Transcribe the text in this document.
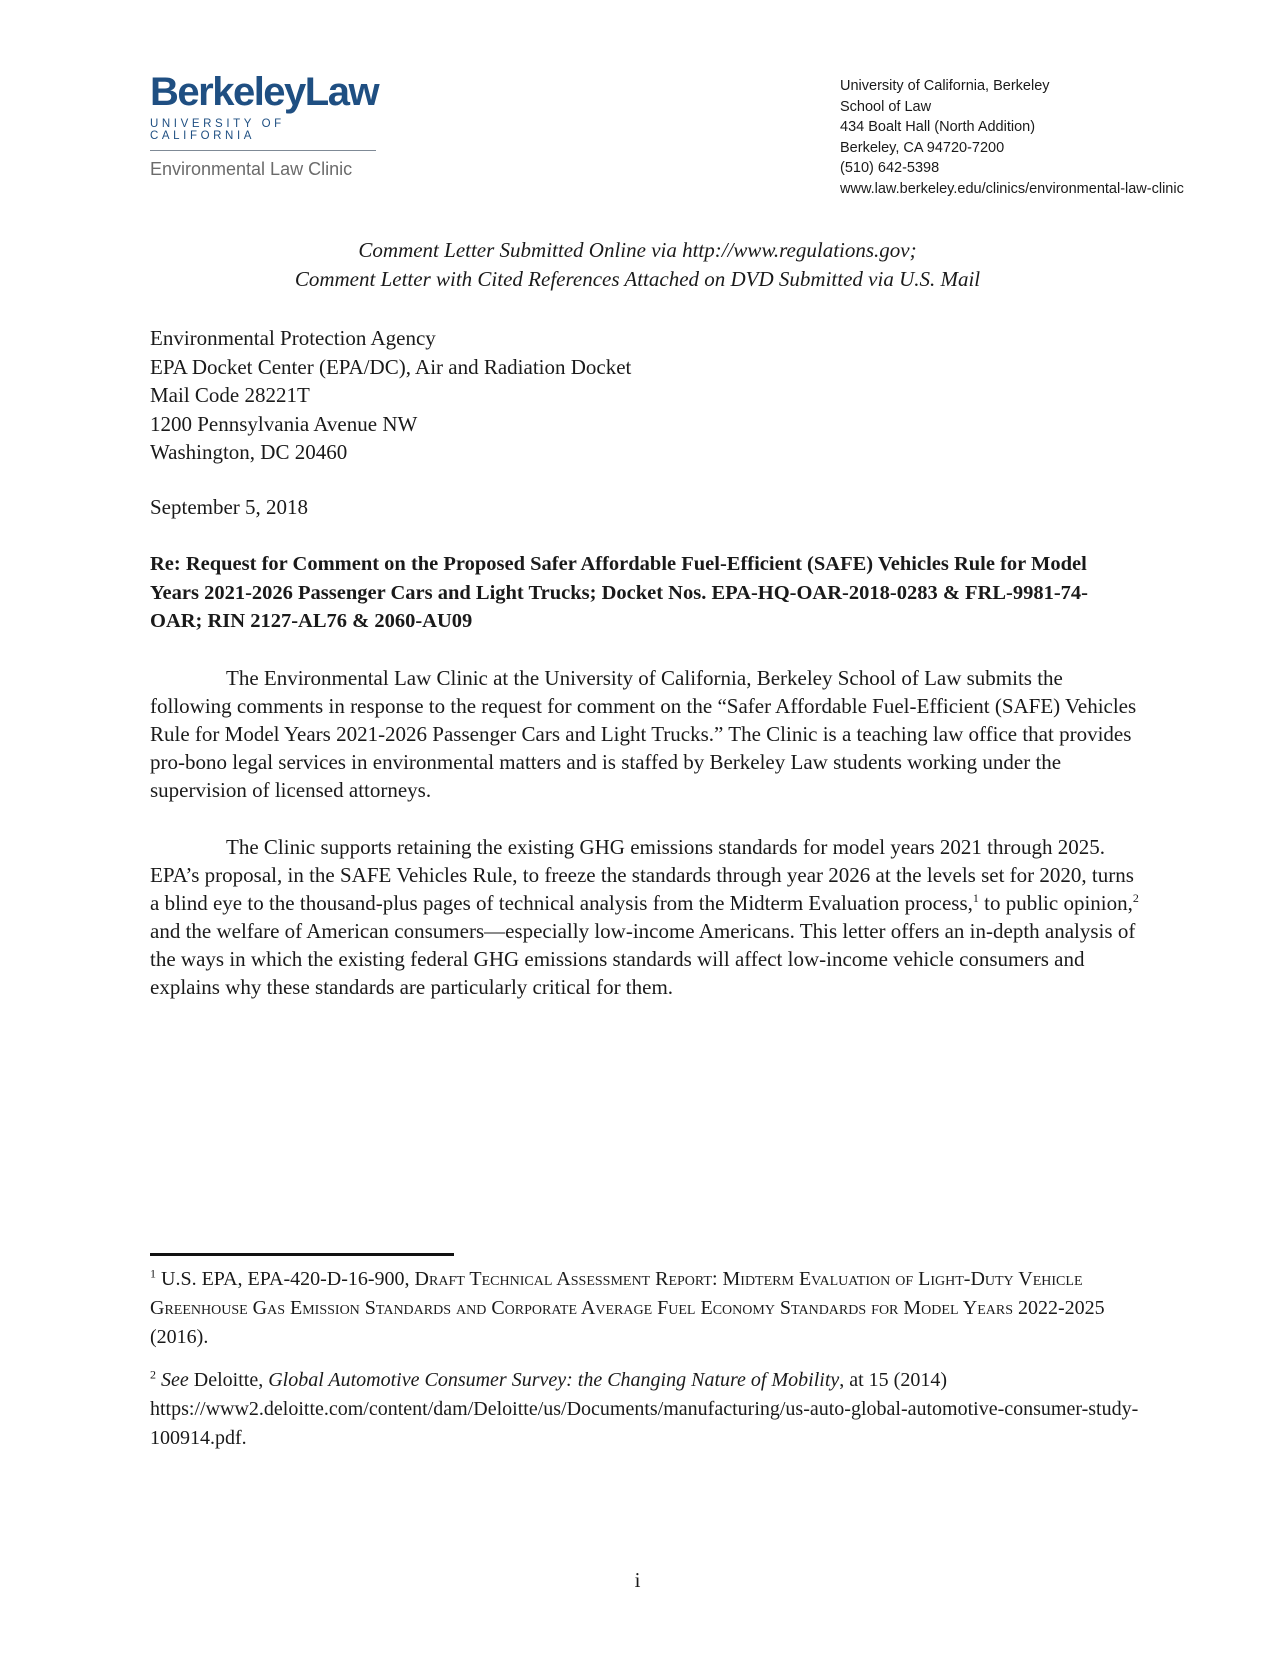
BerkeleyLaw
UNIVERSITY OF CALIFORNIA
Environmental Law Clinic
University of California, Berkeley
School of Law
434 Boalt Hall (North Addition)
Berkeley, CA 94720-7200
(510) 642-5398
www.law.berkeley.edu/clinics/environmental-law-clinic
Comment Letter Submitted Online via http://www.regulations.gov;
Comment Letter with Cited References Attached on DVD Submitted via U.S. Mail
Environmental Protection Agency
EPA Docket Center (EPA/DC), Air and Radiation Docket
Mail Code 28221T
1200 Pennsylvania Avenue NW
Washington, DC 20460
September 5, 2018
Re: Request for Comment on the Proposed Safer Affordable Fuel-Efficient (SAFE) Vehicles Rule for Model Years 2021-2026 Passenger Cars and Light Trucks; Docket Nos. EPA-HQ-OAR-2018-0283 & FRL-9981-74-OAR; RIN 2127-AL76 & 2060-AU09

The Environmental Law Clinic at the University of California, Berkeley School of Law submits the following comments in response to the request for comment on the “Safer Affordable Fuel-Efficient (SAFE) Vehicles Rule for Model Years 2021-2026 Passenger Cars and Light Trucks.” The Clinic is a teaching law office that provides pro-bono legal services in environmental matters and is staffed by Berkeley Law students working under the supervision of licensed attorneys.

The Clinic supports retaining the existing GHG emissions standards for model years 2021 through 2025. EPA’s proposal, in the SAFE Vehicles Rule, to freeze the standards through year 2026 at the levels set for 2020, turns a blind eye to the thousand-plus pages of technical analysis from the Midterm Evaluation process,$^1$ to public opinion,$^2$ and the welfare of American consumers—especially low-income Americans. This letter offers an in-depth analysis of the ways in which the existing federal GHG emissions standards will affect low-income vehicle consumers and explains why these standards are particularly critical for them.

$^1$ U.S. EPA, EPA-420-D-16-900, Draft Technical Assessment Report: Midterm Evaluation of Light-Duty Vehicle Greenhouse Gas Emission Standards and Corporate Average Fuel Economy Standards for Model Years 2022-2025 (2016).

$^2$ See Deloitte, Global Automotive Consumer Survey: the Changing Nature of Mobility, at 15 (2014) https://www2.deloitte.com/content/dam/Deloitte/us/Documents/manufacturing/us-auto-global-automotive-consumer-study-100914.pdf.

i
